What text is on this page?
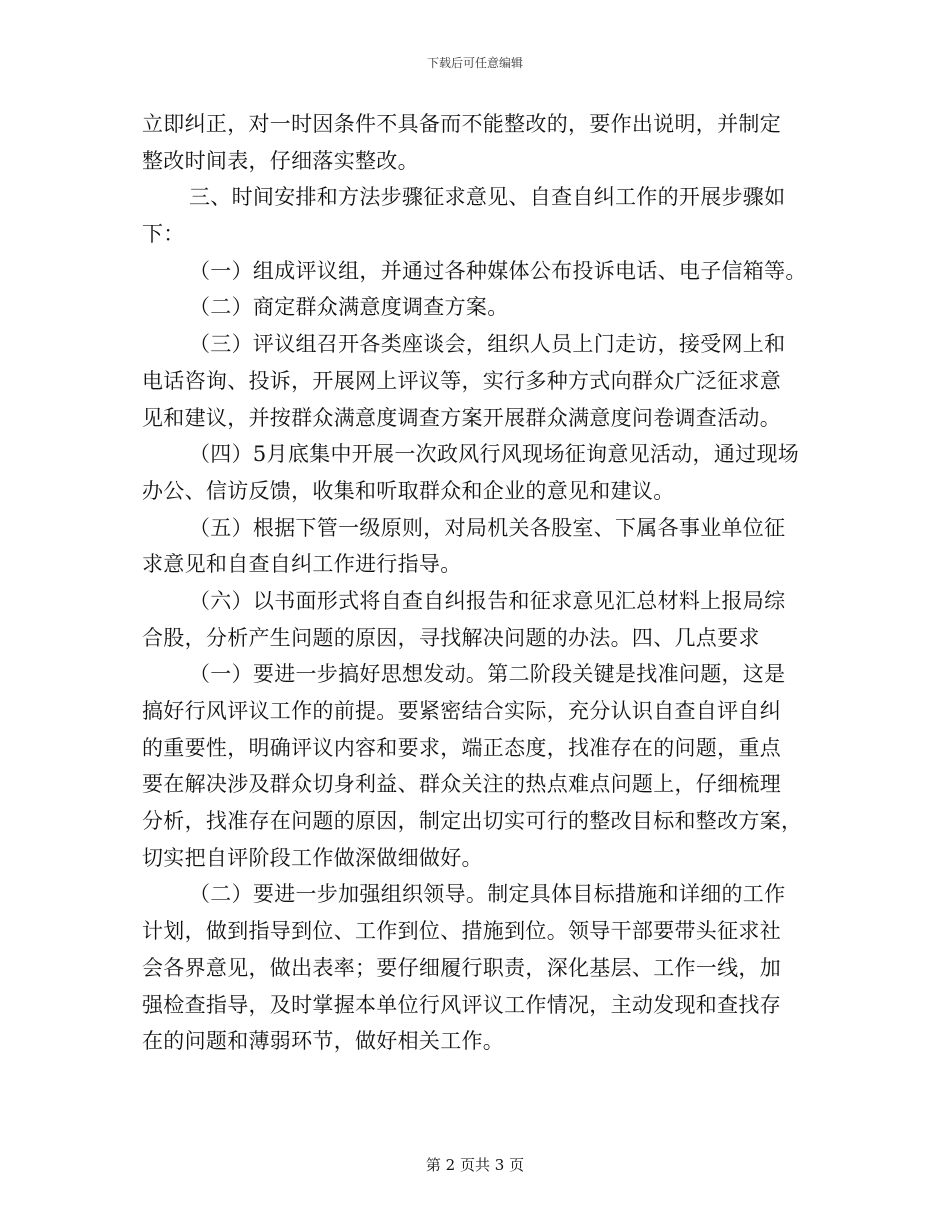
下载后可任意编辑
立即纠正，对一时因条件不具备而不能整改的，要作出说明，并制定
整改时间表，仔细落实整改。
三、时间安排和方法步骤征求意见、自查自纠工作的开展步骤如
下：
（一）组成评议组，并通过各种媒体公布投诉电话、电子信箱等。
（二）商定群众满意度调查方案。
（三）评议组召开各类座谈会，组织人员上门走访，接受网上和
电话咨询、投诉，开展网上评议等，实行多种方式向群众广泛征求意
见和建议，并按群众满意度调查方案开展群众满意度问卷调查活动。
（四）5月底集中开展一次政风行风现场征询意见活动，通过现场
办公、信访反馈，收集和听取群众和企业的意见和建议。
（五）根据下管一级原则，对局机关各股室、下属各事业单位征
求意见和自查自纠工作进行指导。
（六）以书面形式将自查自纠报告和征求意见汇总材料上报局综
合股，分析产生问题的原因，寻找解决问题的办法。四、几点要求
（一）要进一步搞好思想发动。第二阶段关键是找准问题，这是
搞好行风评议工作的前提。要紧密结合实际，充分认识自查自评自纠
的重要性，明确评议内容和要求，端正态度，找准存在的问题，重点
要在解决涉及群众切身利益、群众关注的热点难点问题上，仔细梳理
分析，找准存在问题的原因，制定出切实可行的整改目标和整改方案，
切实把自评阶段工作做深做细做好。
（二）要进一步加强组织领导。制定具体目标措施和详细的工作
计划，做到指导到位、工作到位、措施到位。领导干部要带头征求社
会各界意见，做出表率；要仔细履行职责，深化基层、工作一线，加
强检查指导，及时掌握本单位行风评议工作情况，主动发现和查找存
在的问题和薄弱环节，做好相关工作。
第 2 页共 3 页
